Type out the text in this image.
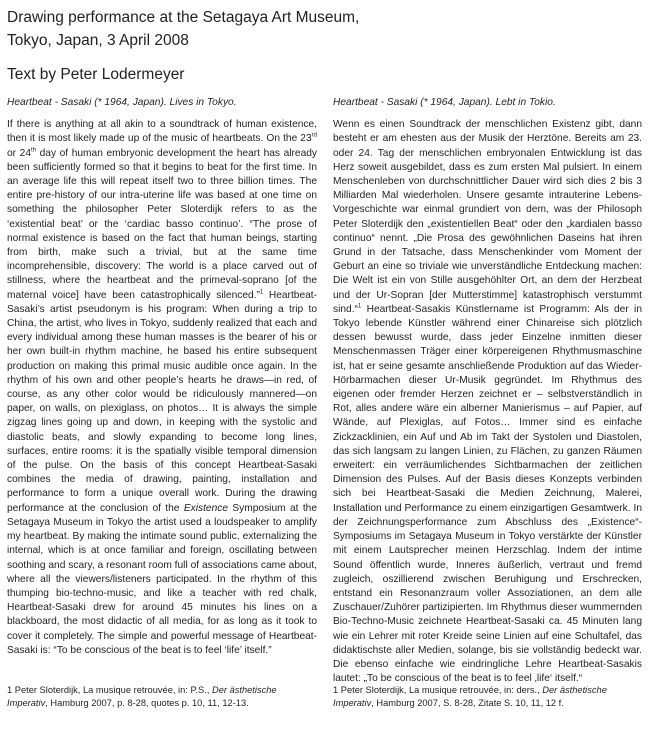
Drawing performance at the Setagaya Art Museum, Tokyo, Japan, 3 April 2008
Text by Peter Lodermeyer

Heartbeat - Sasaki (* 1964, Japan). Lives in Tokyo.

If there is anything at all akin to a soundtrack of human existence, then it is most likely made up of the music of heartbeats. On the 23rd or 24th day of human embryonic development the heart has already been sufficiently formed so that it begins to beat for the first time. In an average life this will repeat itself two to three billion times. The entire pre-history of our intra-uterine life was based at one time on something the philosopher Peter Sloterdijk refers to as the ‘existential beat’ or the ‘cardiac basso continuo’. “The prose of normal existence is based on the fact that human beings, starting from birth, make such a trivial, but at the same time incomprehensible, discovery: The world is a place carved out of stillness, where the heartbeat and the primeval-soprano [of the maternal voice] have been catastrophically silenced.”$^1$ Heartbeat-Sasaki’s artist pseudonym is his program: When during a trip to China, the artist, who lives in Tokyo, suddenly realized that each and every individual among these human masses is the bearer of his or her own built-in rhythm machine, he based his entire subsequent production on making this primal music audible once again. In the rhythm of his own and other people’s hearts he draws—in red, of course, as any other color would be ridiculously mannered—on paper, on walls, on plexiglass, on photos… It is always the simple zigzag lines going up and down, in keeping with the systolic and diastolic beats, and slowly expanding to become long lines, surfaces, entire rooms: it is the spatially visible temporal dimension of the pulse. On the basis of this concept Heartbeat-Sasaki combines the media of drawing, painting, installation and performance to form a unique overall work. During the drawing performance at the conclusion of the Existence Symposium at the Setagaya Museum in Tokyo the artist used a loudspeaker to amplify my heartbeat. By making the intimate sound public, externalizing the internal, which is at once familiar and foreign, oscillating between soothing and scary, a resonant room full of associations came about, where all the viewers/listeners participated. In the rhythm of this thumping bio-techno-music, and like a teacher with red chalk, Heartbeat-Sasaki drew for around 45 minutes his lines on a blackboard, the most didactic of all media, for as long as it took to cover it completely. The simple and powerful message of Heartbeat-Sasaki is: “To be conscious of the beat is to feel ‘life’ itself.”

Heartbeat - Sasaki (* 1964, Japan). Lebt in Tokio.

Wenn es einen Soundtrack der menschlichen Existenz gibt, dann besteht er am ehesten aus der Musik der Herztöne. Bereits am 23. oder 24. Tag der menschlichen embryonalen Entwicklung ist das Herz soweit ausgebildet, dass es zum ersten Mal pulsiert. In einem Menschenleben von durchschnittlicher Dauer wird sich dies 2 bis 3 Milliarden Mal wiederholen. Unsere gesamte intrauterine Lebens-Vorgeschichte war einmal grundiert von dem, was der Philosoph Peter Sloterdijk den „existentiellen Beat“ oder den „kardialen basso continuo“ nennt. „Die Prosa des gewöhnlichen Daseins hat ihren Grund in der Tatsache, dass Menschenkinder vom Moment der Geburt an eine so triviale wie unverständliche Entdeckung machen: Die Welt ist ein von Stille ausgehöhlter Ort, an dem der Herzbeat und der Ur-Sopran [der Mutterstimme] katastrophisch verstummt sind.“$^1$ Heartbeat-Sasakis Künstlername ist Programm: Als der in Tokyo lebende Künstler während einer Chinareise sich plötzlich dessen bewusst wurde, dass jeder Einzelne inmitten dieser Menschenmassen Träger einer körpereigenen Rhythmusmaschine ist, hat er seine gesamte anschließende Produktion auf das Wieder-Hörbarmachen dieser Ur-Musik gegründet. Im Rhythmus des eigenen oder fremder Herzen zeichnet er – selbstverständlich in Rot, alles andere wäre ein alberner Manierismus – auf Papier, auf Wände, auf Plexiglas, auf Fotos… Immer sind es einfache Zickzacklinien, ein Auf und Ab im Takt der Systolen und Diastolen, das sich langsam zu langen Linien, zu Flächen, zu ganzen Räumen erweitert: ein verräumlichendes Sichtbarmachen der zeitlichen Dimension des Pulses. Auf der Basis dieses Konzepts verbinden sich bei Heartbeat-Sasaki die Medien Zeichnung, Malerei, Installation und Performance zu einem einzigartigen Gesamtwerk. In der Zeichnungsperformance zum Abschluss des „Existence“-Symposiums im Setagaya Museum in Tokyo verstärkte der Künstler mit einem Lautsprecher meinen Herzschlag. Indem der intime Sound öffentlich wurde, Inneres äußerlich, vertraut und fremd zugleich, oszillierend zwischen Beruhigung und Erschrecken, entstand ein Resonanzraum voller Assoziationen, an dem alle Zuschauer/Zuhörer partizipierten. Im Rhythmus dieser wummernden Bio-Techno-Music zeichnete Heartbeat-Sasaki ca. 45 Minuten lang wie ein Lehrer mit roter Kreide seine Linien auf eine Schultafel, das didaktischste aller Medien, solange, bis sie vollständig bedeckt war. Die ebenso einfache wie eindringliche Lehre Heartbeat-Sasakis lautet: „To be conscious of the beat is to feel ‚life‘ itself.“

1 Peter Sloterdijk, La musique retrouvée, in: P.S., Der ästhetische Imperativ, Hamburg 2007, p. 8-28, quotes p. 10, 11, 12-13.

1 Peter Sloterdijk, La musique retrouvée, in: ders., Der ästhetische Imperativ, Hamburg 2007, S. 8-28, Zitate S. 10, 11, 12 f.
